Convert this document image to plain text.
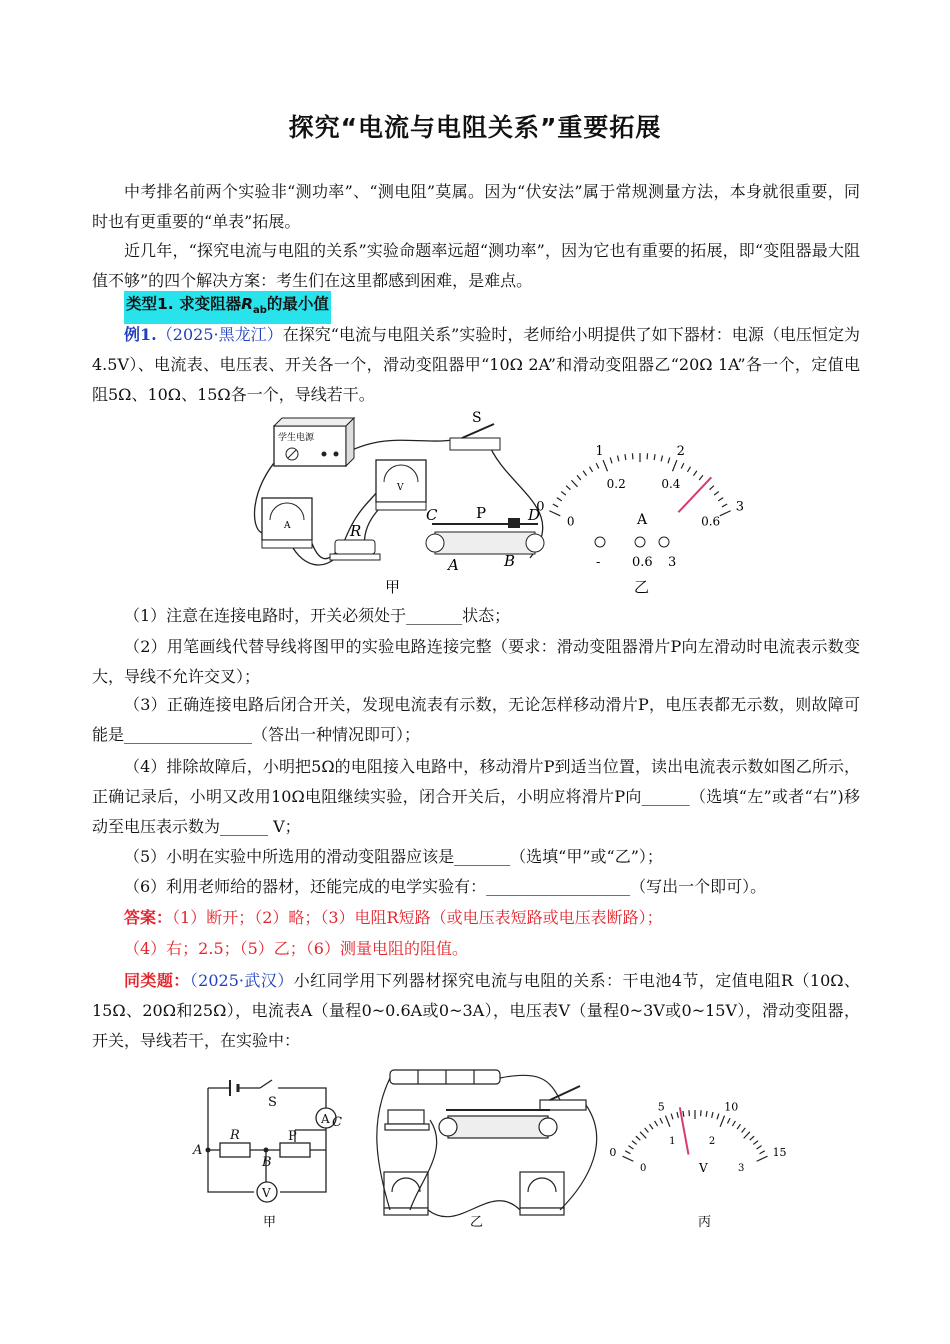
探究“电流与电阻关系”重要拓展

中考排名前两个实验非“测功率”、“测电阻”莫属。因为“伏安法”属于常规测量方法，本身就很重要，同时也有更重要的“单表”拓展。

近几年，“探究电流与电阻的关系”实验命题率远超“测功率”，因为它也有重要的拓展，即“变阻器最大阻值不够”的四个解决方案：考生们在这里都感到困难，是难点。

类型1. 求变阻器$R_{ab}$的最小值

例1.（2025·黑龙江）在探究“电流与电阻关系”实验时，老师给小明提供了如下器材：电源（电压恒定为4.5V）、电流表、电压表、开关各一个，滑动变阻器甲“10Ω 2A”和滑动变阻器乙“20Ω 1A”各一个，定值电阻5Ω、10Ω、15Ω各一个，导线若干。

学生电源
S
A
V
R
C	P	D
A	B
甲
0
1	2
3
0
0.2	0.4
0.6
A
- 0.6 3
乙

（1）注意在连接电路时，开关必须处于_______状态；

（2）用笔画线代替导线将图甲的实验电路连接完整（要求：滑动变阻器滑片P向左滑动时电流表示数变大，导线不允许交叉）；

（3）正确连接电路后闭合开关，发现电流表有示数，无论怎样移动滑片P，电压表都无示数，则故障可能是________________（答出一种情况即可）；

（4）排除故障后，小明把5Ω的电阻接入电路中，移动滑片P到适当位置，读出电流表示数如图乙所示，正确记录后，小明又改用10Ω电阻继续实验，闭合开关后，小明应将滑片P向______（选填“左”或者“右”)移动至电压表示数为______ V；

（5）小明在实验中所选用的滑动变阻器应该是_______（选填“甲”或“乙”）；

（6）利用老师给的器材，还能完成的电学实验有：__________________（写出一个即可）。

答案：（1）断开；（2）略；（3）电阻R短路（或电压表短路或电压表断路）；

（4）右；2.5；（5）乙；（6）测量电阻的阻值。

同类题：（2025·武汉）小红同学用下列器材探究电流与电阻的关系：干电池4节，定值电阻R（10Ω、15Ω、20Ω和25Ω），电流表A（量程0~0.6A或0~3A），电压表V（量程0~3V或0~15V），滑动变阻器，开关，导线若干，在实验中：

S
A
V
R	P
C
A
B
甲	乙
0
5	10
15
0
1	2
3
V
丙
